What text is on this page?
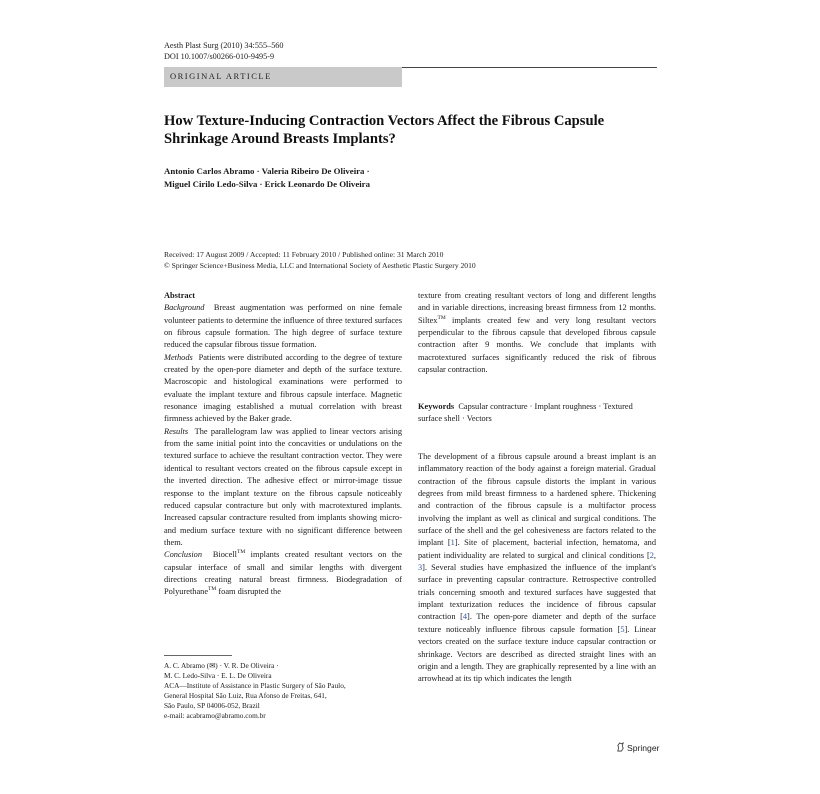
Aesth Plast Surg (2010) 34:555–560
DOI 10.1007/s00266-010-9495-9
ORIGINAL ARTICLE
How Texture-Inducing Contraction Vectors Affect the Fibrous Capsule Shrinkage Around Breasts Implants?
Antonio Carlos Abramo · Valeria Ribeiro De Oliveira ·
Miguel Cirilo Ledo-Silva · Erick Leonardo De Oliveira
Received: 17 August 2009 / Accepted: 11 February 2010 / Published online: 31 March 2010
© Springer Science+Business Media, LLC and International Society of Aesthetic Plastic Surgery 2010

Abstract

Background Breast augmentation was performed on nine female volunteer patients to determine the influence of three textured surfaces on fibrous capsule formation. The high degree of surface texture reduced the capsular fibrous tissue formation.

Methods Patients were distributed according to the degree of texture created by the open-pore diameter and depth of the surface texture. Macroscopic and histological examinations were performed to evaluate the implant texture and fibrous capsule interface. Magnetic resonance imaging established a mutual correlation with breast firmness achieved by the Baker grade.

Results The parallelogram law was applied to linear vectors arising from the same initial point into the concavities or undulations on the textured surface to achieve the resultant contraction vector. They were identical to resultant vectors created on the fibrous capsule except in the inverted direction. The adhesive effect or mirror-image tissue response to the implant texture on the fibrous capsule noticeably reduced capsular contracture but only with macrotextured implants. Increased capsular contracture resulted from implants showing micro- and medium surface texture with no significant difference between them.

Conclusion Biocell™ implants created resultant vectors on the capsular interface of small and similar lengths with divergent directions creating natural breast firmness. Biodegradation of Polyurethane™ foam disrupted the

texture from creating resultant vectors of long and different lengths and in variable directions, increasing breast firmness from 12 months. Siltex™ implants created few and very long resultant vectors perpendicular to the fibrous capsule that developed fibrous capsule contraction after 9 months. We conclude that implants with macrotextured surfaces significantly reduced the risk of fibrous capsular contraction.

Keywords Capsular contracture · Implant roughness · Textured surface shell · Vectors

The development of a fibrous capsule around a breast implant is an inflammatory reaction of the body against a foreign material. Gradual contraction of the fibrous capsule distorts the implant in various degrees from mild breast firmness to a hardened sphere. Thickening and contraction of the fibrous capsule is a multifactor process involving the implant as well as clinical and surgical conditions. The surface of the shell and the gel cohesiveness are factors related to the implant [1]. Site of placement, bacterial infection, hematoma, and patient individuality are related to surgical and clinical conditions [2, 3]. Several studies have emphasized the influence of the implant's surface in preventing capsular contracture. Retrospective controlled trials concerning smooth and textured surfaces have suggested that implant texturization reduces the incidence of fibrous capsular contraction [4]. The open-pore diameter and depth of the surface texture noticeably influence fibrous capsule formation [5]. Linear vectors created on the surface texture induce capsular contraction or shrinkage. Vectors are described as directed straight lines with an origin and a length. They are graphically represented by a line with an arrowhead at its tip which indicates the length

A. C. Abramo (✉) · V. R. De Oliveira ·
M. C. Ledo-Silva · E. L. De Oliveira
ACA—Institute of Assistance in Plastic Surgery of São Paulo,
General Hospital São Luiz, Rua Afonso de Freitas, 641,
São Paulo, SP 04006-052, Brazil
e-mail: acabramo@abramo.com.br
Springer
